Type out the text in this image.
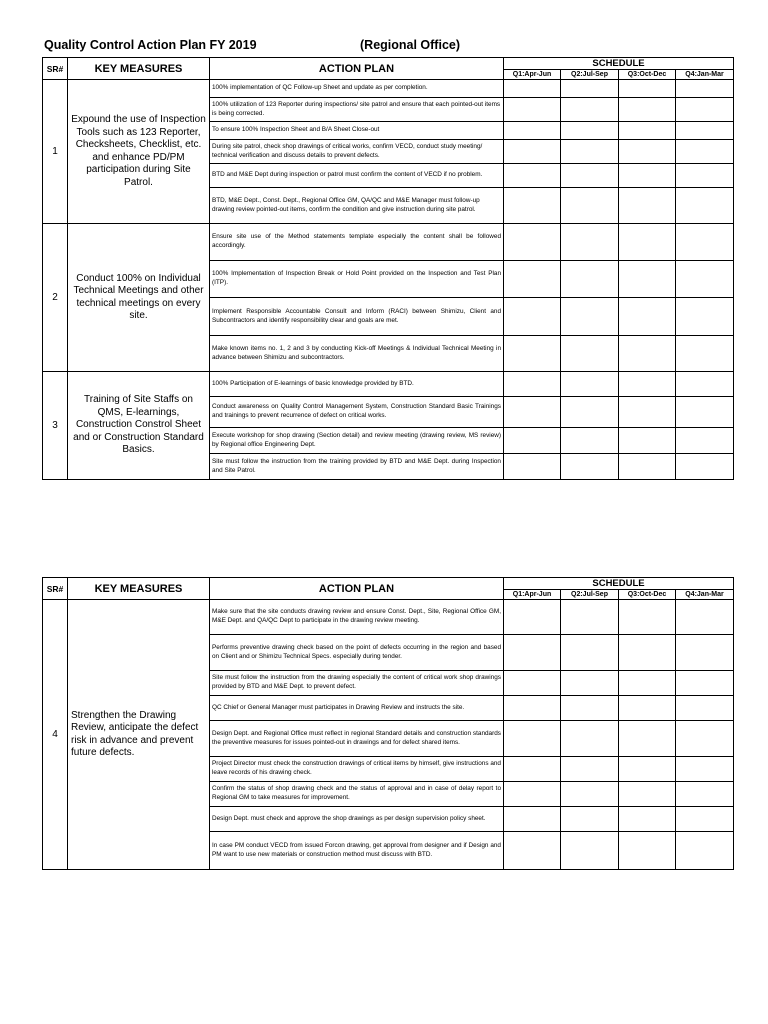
Quality Control Action Plan FY 2019	(Regional Office)
SR#	KEY MEASURES	ACTION PLAN	SCHEDULE			
			Q1:Apr-Jun	Q2:Jul-Sep	Q3:Oct-Dec	Q4:Jan-Mar
1	Expound the use of Inspection Tools such as 123 Reporter, Checksheets, Checklist, etc. and enhance PD/PM participation during Site Patrol.	100% implementation of QC Follow-up Sheet and update as per completion.				
		100% utilization of 123 Reporter during inspections/ site patrol and ensure that each pointed-out items is being corrected.				
		To ensure 100% Inspection Sheet and B/A Sheet Close-out				
		During site patrol, check shop drawings of critical works, confirm VECD, conduct study meeting/ technical verification and discuss details to prevent defects.				
		BTD and M&E Dept during inspection or patrol must confirm the content of VECD if no problem.				
		BTD, M&E Dept., Const. Dept., Regional Office GM, QA/QC and M&E Manager must follow-up drawing review pointed-out items, confirm the condition and give instruction during site patrol.				
2	Conduct 100% on Individual Technical Meetings and other technical meetings on every site.	Ensure site use of the Method statements template especially the content shall be followed accordingly.				
		100% Implementation of Inspection Break or Hold Point provided on the Inspection and Test Plan (ITP).				
		Implement Responsible Accountable Consult and Inform (RACI) between Shimizu, Client and Subcontractors and identify responsibility clear and goals are met.				
		Make known items no. 1, 2 and 3 by conducting Kick-off Meetings & Individual Technical Meeting in advance between Shimizu and subcontractors.				
3	Training of Site Staffs on QMS, E-learnings, Construction Constrol Sheet and or Construction Standard Basics.	100% Participation of E-learnings of basic knowledge provided by BTD.				
		Conduct awareness on Quality Control Management System, Construction Standard Basic Trainings and trainings to prevent recurrence of defect on critical works.				
		Execute workshop for shop drawing (Section detail) and review meeting (drawing review, MS review) by Regional office Engineering Dept.				
		Site must follow the instruction from the training provided by BTD and M&E Dept. during Inspection and Site Patrol.				
SR#	KEY MEASURES	ACTION PLAN	SCHEDULE			
			Q1:Apr-Jun	Q2:Jul-Sep	Q3:Oct-Dec	Q4:Jan-Mar
4	Strengthen the Drawing Review, anticipate the defect risk in advance and prevent future defects.	Make sure that the site conducts drawing review and ensure Const. Dept., Site, Regional Office GM, M&E Dept. and QA/QC Dept to participate in the drawing review meeting.				
		Performs preventive drawing check based on the point of defects occurring in the region and based on Client and or Shimizu Technical Specs. especially during tender.				
		Site must follow the instruction from the drawing especially the content of critical work shop drawings provided by BTD and M&E Dept. to prevent defect.				
		QC Chief or General Manager must participates in Drawing Review and instructs the site.				
		Design Dept. and Regional Office must reflect in regional Standard details and construction standards the preventive measures for issues pointed-out in drawings and for defect shared items.				
		Project Director must check the construction drawings of critical items by himself, give instructions and leave records of his drawing check.				
		Confirm the status of shop drawing check and the status of approval and in case of delay report to Regional GM to take measures for improvement.				
		Design Dept. must check and approve the shop drawings as per design supervision policy sheet.				
		In case PM conduct VECD from issued Forcon drawing, get approval from designer and if Design and PM want to use new materials or construction method must discuss with BTD.				
